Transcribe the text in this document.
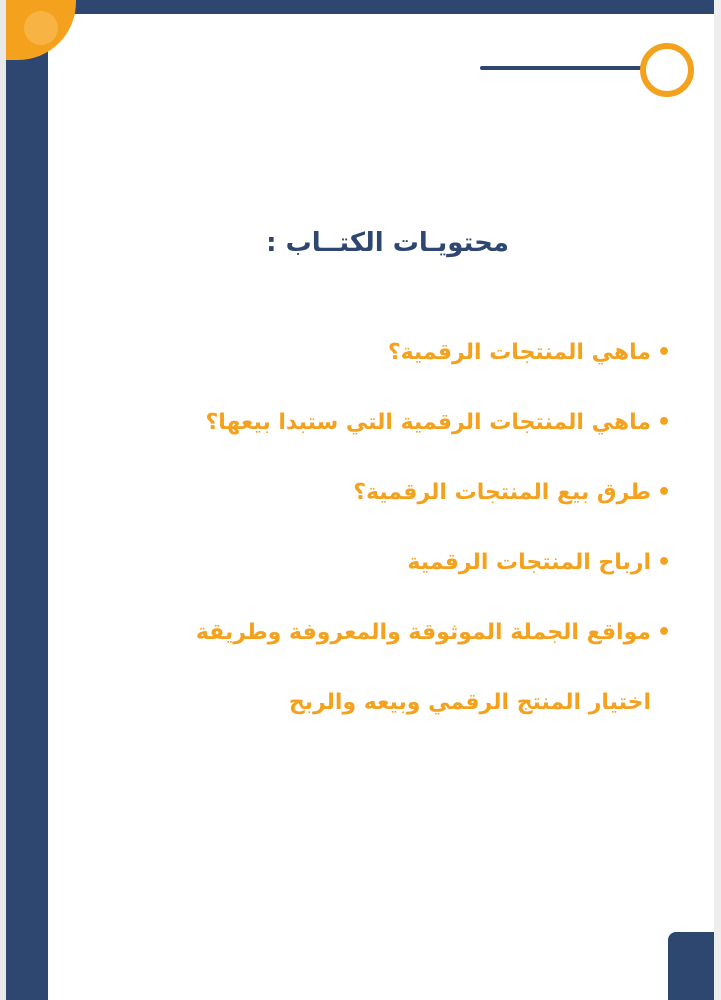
محتويـات الكتــاب :
•
ماهي المنتجات الرقمية؟
•
ماهي المنتجات الرقمية التي ستبدا بيعها؟
•
طرق بيع المنتجات الرقمية؟
•
ارباح المنتجات الرقمية
•
مواقع الجملة الموثوقة والمعروفة وطريقة
اختيار المنتج الرقمي وبيعه والربح
